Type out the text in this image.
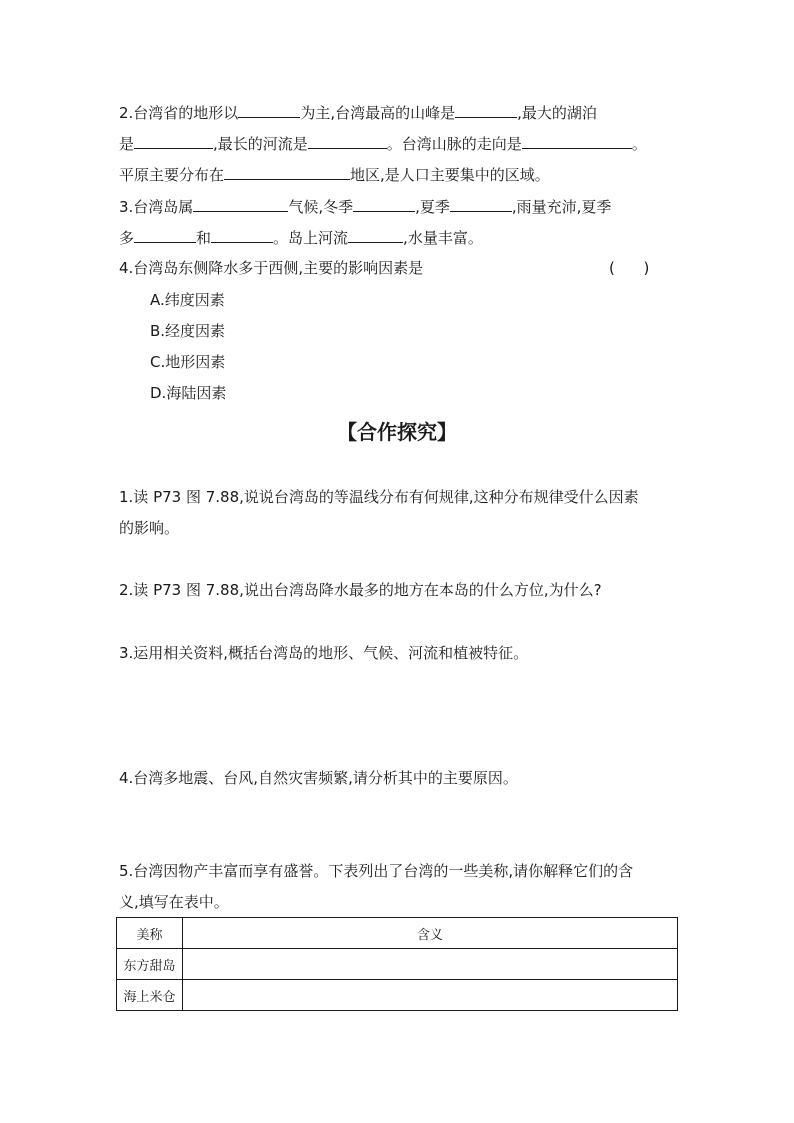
2.台湾省的地形以	为主,台湾最高的山峰是	,最大的湖泊
是	,最长的河流是	。台湾山脉的走向是	。
平原主要分布在	地区,是人口主要集中的区域。
3.台湾岛属	气候,冬季	,夏季	,雨量充沛,夏季
多	和	。岛上河流	,水量丰富。
4.台湾岛东侧降水多于西侧,主要的影响因素是	(      )
A.纬度因素
B.经度因素
C.地形因素
D.海陆因素
【合作探究】
1.读 P73 图 7.88,说说台湾岛的等温线分布有何规律,这种分布规律受什么因素
的影响。
2.读 P73 图 7.88,说出台湾岛降水最多的地方在本岛的什么方位,为什么?
3.运用相关资料,概括台湾岛的地形、气候、河流和植被特征。
4.台湾多地震、台风,自然灾害频繁,请分析其中的主要原因。
5.台湾因物产丰富而享有盛誉。下表列出了台湾的一些美称,请你解释它们的含
义,填写在表中。
美称	含义
东方甜岛	
海上米仓	
